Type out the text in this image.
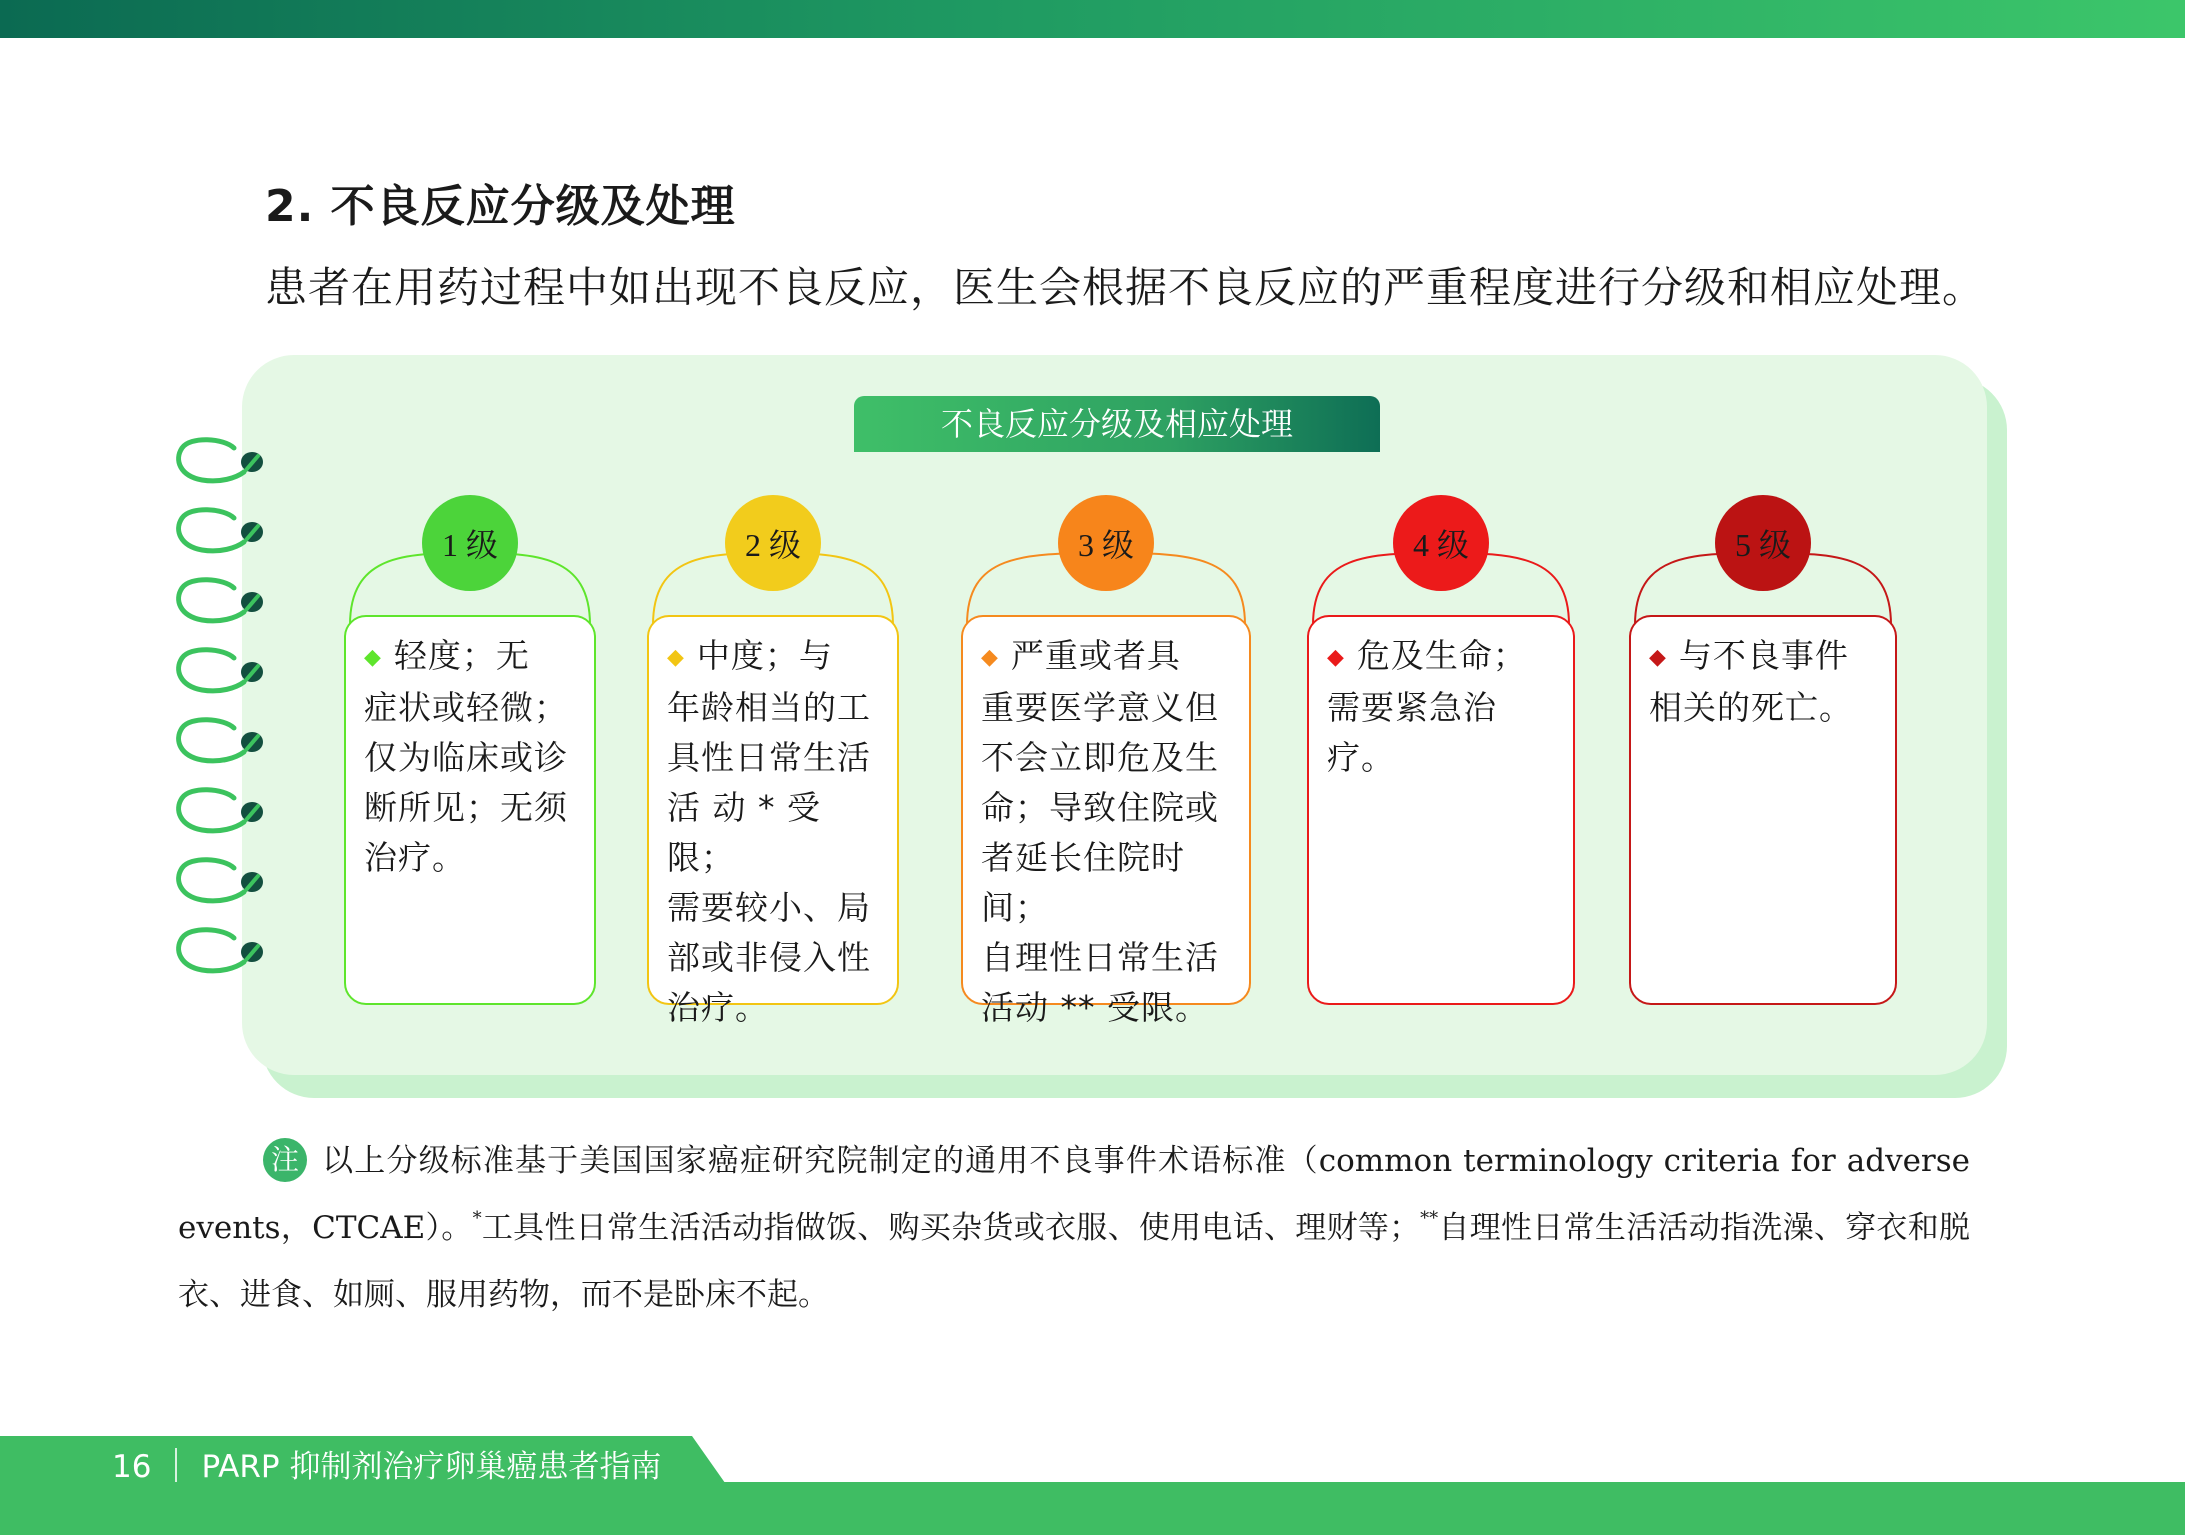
2. 不良反应分级及处理
患者在用药过程中如出现不良反应，医生会根据不良反应的严重程度进行分级和相应处理。
不良反应分级及相应处理
◆ 轻度；无
症状或轻微；
仅为临床或诊
断所见；无须
治疗。
1 级
◆ 中度；与
年龄相当的工
具性日常生活
活 动 * 受 限；
需要较小、局
部或非侵入性
治疗。
2 级
◆ 严重或者具
重要医学意义但
不会立即危及生
命；导致住院或
者延长住院时间；
自理性日常生活
活动 ** 受限。
3 级
◆ 危及生命；
需要紧急治疗。
4 级
◆ 与不良事件
相关的死亡。
5 级
注 以上分级标准基于美国国家癌症研究院制定的通用不良事件术语标准（common terminology criteria for adverse events，CTCAE）。*工具性日常生活活动指做饭、购买杂货或衣服、使用电话、理财等；**自理性日常生活活动指洗澡、穿衣和脱衣、进食、如厕、服用药物，而不是卧床不起。
16 PARP 抑制剂治疗卵巢癌患者指南
